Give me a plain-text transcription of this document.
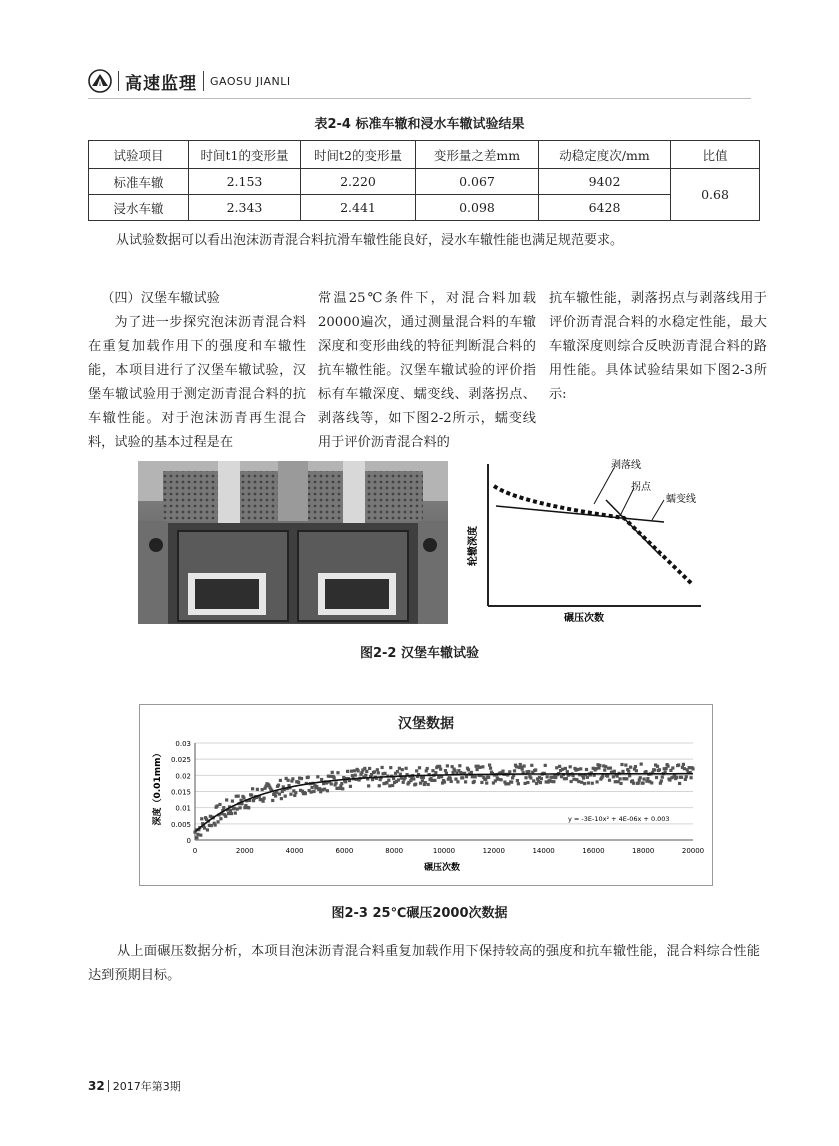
高速监理 GAOSU JIANLI
表2-4 标准车辙和浸水车辙试验结果
试验项目	时间t1的变形量	时间t2的变形量	变形量之差mm	动稳定度次/mm	比值
标准车辙	2.153	2.220	0.067	9402	0.68
浸水车辙	2.343	2.441	0.098	6428	

从试验数据可以看出泡沫沥青混合料抗滑车辙性能良好，浸水车辙性能也满足规范要求。

（四）汉堡车辙试验

为了进一步探究泡沫沥青混合料在重复加载作用下的强度和车辙性能，本项目进行了汉堡车辙试验，汉堡车辙试验用于测定沥青混合料的抗车辙性能。对于泡沫沥青再生混合料，试验的基本过程是在

常温25℃条件下，对混合料加载20000遍次，通过测量混合料的车辙深度和变形曲线的特征判断混合料的抗车辙性能。汉堡车辙试验的评价指标有车辙深度、蠕变线、剥落拐点、剥落线等，如下图2-2所示，蠕变线用于评价沥青混合料的

抗车辙性能，剥落拐点与剥落线用于评价沥青混合料的水稳定性能，最大车辙深度则综合反映沥青混合料的路用性能。具体试验结果如下图2-3所示:

剥落线
拐点
蠕变线
轮辙深度
碾压次数
图2-2 汉堡车辙试验
汉堡数据
y = -3E-10x² + 4E-06x + 0.003
0
0.005
0.01
0.015
0.02
0.025
0.03
0	2000	4000	6000	8000	10000	12000	14000	16000	18000	20000
碾压次数
深度（0.01mm）
图2-3 25℃碾压2000次数据

从上面碾压数据分析，本项目泡沫沥青混合料重复加载作用下保持较高的强度和抗车辙性能，混合料综合性能达到预期目标。

32 2017年第3期
